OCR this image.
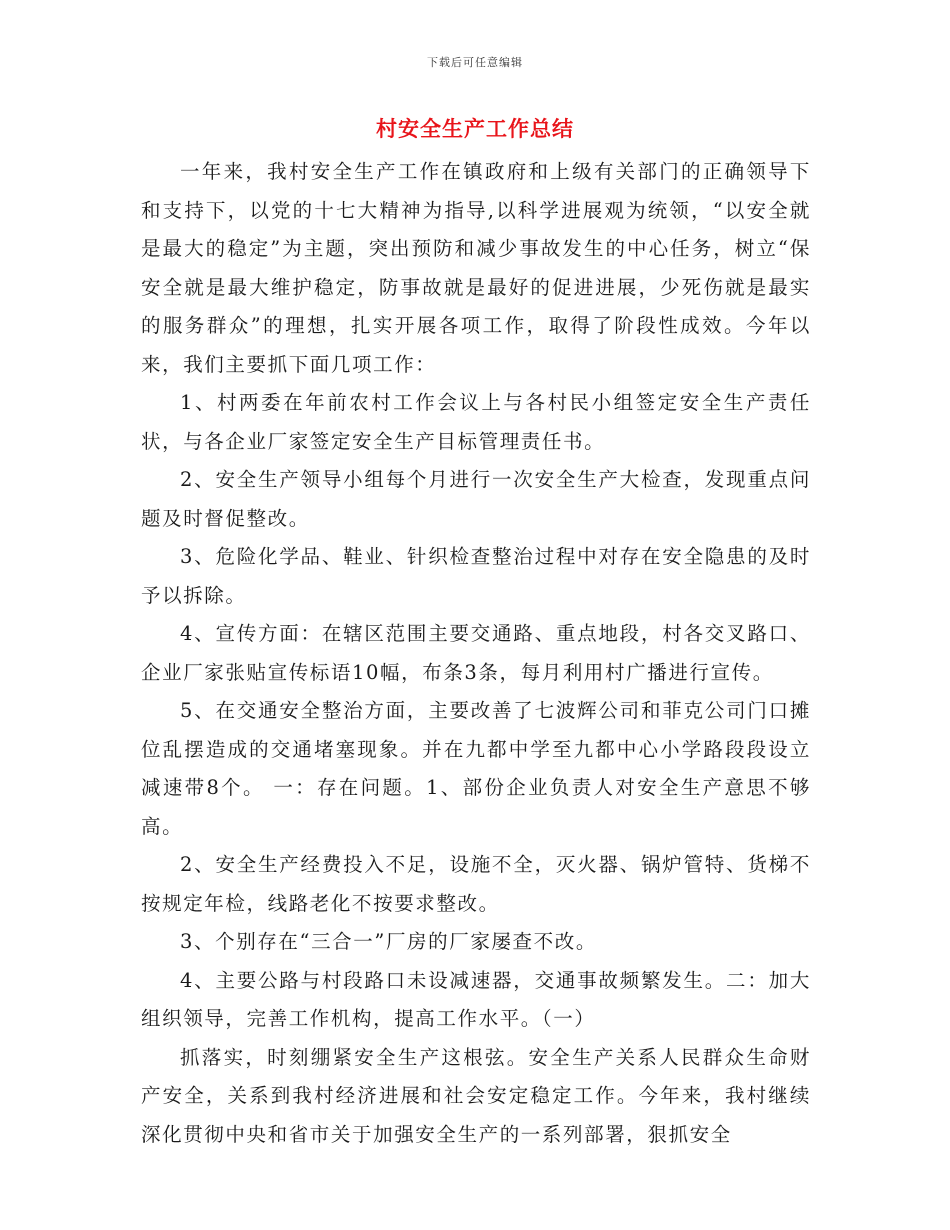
下载后可任意编辑
村安全生产工作总结

一年来，我村安全生产工作在镇政府和上级有关部门的正确领导下和支持下，以党的十七大精神为指导,以科学进展观为统领，“以安全就是最大的稳定”为主题，突出预防和减少事故发生的中心任务，树立“保安全就是最大维护稳定，防事故就是最好的促进进展，少死伤就是最实的服务群众”的理想，扎实开展各项工作，取得了阶段性成效。今年以来，我们主要抓下面几项工作：

1、村两委在年前农村工作会议上与各村民小组签定安全生产责任状，与各企业厂家签定安全生产目标管理责任书。

2、安全生产领导小组每个月进行一次安全生产大检查，发现重点问题及时督促整改。

3、危险化学品、鞋业、针织检查整治过程中对存在安全隐患的及时予以拆除。

4、宣传方面：在辖区范围主要交通路、重点地段，村各交叉路口、企业厂家张贴宣传标语10幅，布条3条，每月利用村广播进行宣传。

5、在交通安全整治方面，主要改善了七波辉公司和菲克公司门口摊位乱摆造成的交通堵塞现象。并在九都中学至九都中心小学路段段设立减速带8个。 一：存在问题。1、部份企业负责人对安全生产意思不够高。

2、安全生产经费投入不足，设施不全，灭火器、锅炉管特、货梯不按规定年检，线路老化不按要求整改。

3、个别存在“三合一”厂房的厂家屡查不改。

4、主要公路与村段路口未设减速器，交通事故频繁发生。二：加大组织领导，完善工作机构，提高工作水平。（一）

抓落实，时刻绷紧安全生产这根弦。安全生产关系人民群众生命财产安全，关系到我村经济进展和社会安定稳定工作。今年来，我村继续深化贯彻中央和省市关于加强安全生产的一系列部署，狠抓安全
